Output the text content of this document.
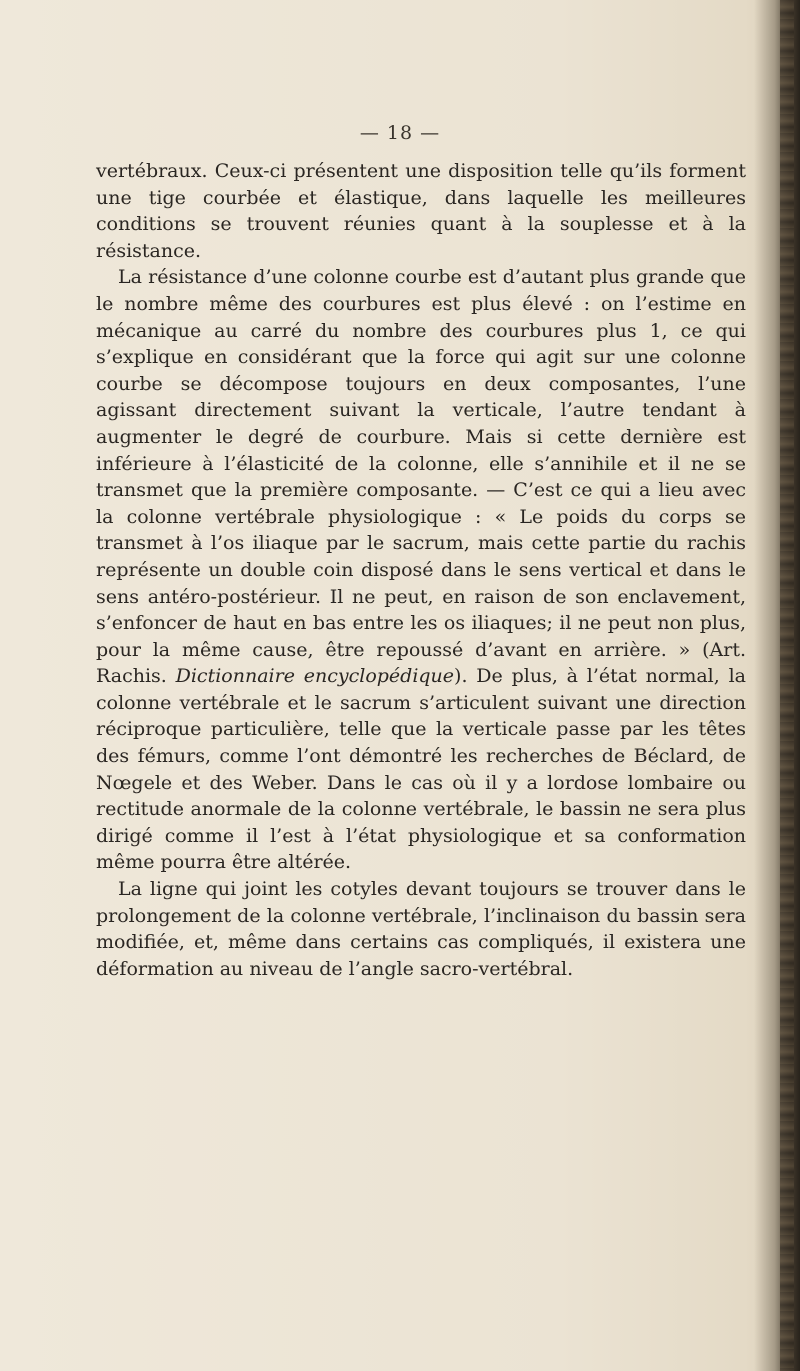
— 18 —

vertébraux. Ceux-ci présentent une disposition telle qu’ils forment une tige courbée et élastique, dans laquelle les meilleures conditions se trouvent réunies quant à la souplesse et à la résistance.

La résistance d’une colonne courbe est d’autant plus grande que le nombre même des courbures est plus élevé : on l’estime en mécanique au carré du nombre des courbures plus 1, ce qui s’explique en considérant que la force qui agit sur une colonne courbe se décompose toujours en deux composantes, l’une agissant directement suivant la verticale, l’autre tendant à augmenter le degré de courbure. Mais si cette dernière est inférieure à l’élasticité de la colonne, elle s’annihile et il ne se transmet que la première composante. — C’est ce qui a lieu avec la colonne vertébrale physiologique : « Le poids du corps se transmet à l’os iliaque par le sacrum, mais cette partie du rachis représente un double coin disposé dans le sens vertical et dans le sens antéro-postérieur. Il ne peut, en raison de son enclavement, s’enfoncer de haut en bas entre les os iliaques; il ne peut non plus, pour la même cause, être repoussé d’avant en arrière. » (Art. Rachis. Dictionnaire encyclopédique). De plus, à l’état normal, la colonne vertébrale et le sacrum s’articulent suivant une direction réciproque particulière, telle que la verticale passe par les têtes des fémurs, comme l’ont démontré les recherches de Béclard, de Nœgele et des Weber. Dans le cas où il y a lordose lombaire ou rectitude anormale de la colonne vertébrale, le bassin ne sera plus dirigé comme il l’est à l’état physiologique et sa conformation même pourra être altérée.

La ligne qui joint les cotyles devant toujours se trouver dans le prolongement de la colonne vertébrale, l’inclinaison du bassin sera modifiée, et, même dans certains cas compliqués, il existera une déformation au niveau de l’angle sacro-vertébral.
